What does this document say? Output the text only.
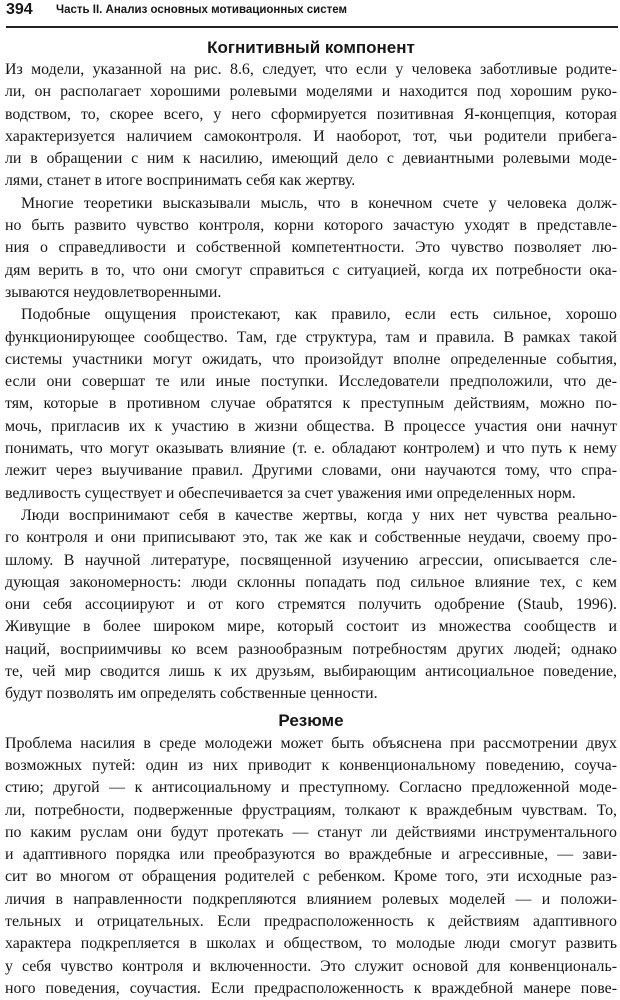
394 Часть II. Анализ основных мотивационных систем
Когнитивный компонент

Из модели, указанной на рис. 8.6, следует, что если у человека заботливые родите-
ли, он располагает хорошими ролевыми моделями и находится под хорошим руко-
водством, то, скорее всего, у него сформируется позитивная Я-концепция, которая
характеризуется наличием самоконтроля. И наоборот, тот, чьи родители прибега-
ли в обращении с ним к насилию, имеющий дело с девиантными ролевыми моде-
лями, станет в итоге воспринимать себя как жертву.

Многие теоретики высказывали мысль, что в конечном счете у человека долж-
но быть развито чувство контроля, корни которого зачастую уходят в представле-
ния о справедливости и собственной компетентности. Это чувство позволяет лю-
дям верить в то, что они смогут справиться с ситуацией, когда их потребности ока-
зываются неудовлетворенными.

Подобные ощущения проистекают, как правило, если есть сильное, хорошо
функционирующее сообщество. Там, где структура, там и правила. В рамках такой
системы участники могут ожидать, что произойдут вполне определенные события,
если они совершат те или иные поступки. Исследователи предположили, что де-
тям, которые в противном случае обратятся к преступным действиям, можно по-
мочь, пригласив их к участию в жизни общества. В процессе участия они начнут
понимать, что могут оказывать влияние (т. е. обладают контролем) и что путь к нему
лежит через выучивание правил. Другими словами, они научаются тому, что спра-
ведливость существует и обеспечивается за счет уважения ими определенных норм.

Люди воспринимают себя в качестве жертвы, когда у них нет чувства реально-
го контроля и они приписывают это, так же как и собственные неудачи, своему про-
шлому. В научной литературе, посвященной изучению агрессии, описывается сле-
дующая закономерность: люди склонны попадать под сильное влияние тех, с кем
они себя ассоциируют и от кого стремятся получить одобрение (Staub, 1996).
Живущие в более широком мире, который состоит из множества сообществ и
наций, восприимчивы ко всем разнообразным потребностям других людей; однако
те, чей мир сводится лишь к их друзьям, выбирающим антисоциальное поведение,
будут позволять им определять собственные ценности.

Резюме

Проблема насилия в среде молодежи может быть объяснена при рассмотрении двух
возможных путей: один из них приводит к конвенциональному поведению, соуча-
стию; другой — к антисоциальному и преступному. Согласно предложенной моде-
ли, потребности, подверженные фрустрациям, толкают к враждебным чувствам. То,
по каким руслам они будут протекать — станут ли действиями инструментального
и адаптивного порядка или преобразуются во враждебные и агрессивные, — зави-
сит во многом от обращения родителей с ребенком. Кроме того, эти исходные раз-
личия в направленности подкрепляются влиянием ролевых моделей — и положи-
тельных и отрицательных. Если предрасположенность к действиям адаптивного
характера подкрепляется в школах и обществом, то молодые люди смогут развить
у себя чувство контроля и включенности. Это служит основой для конвенциональ-
ного поведения, соучастия. Если предрасположенность к враждебной манере пове-
